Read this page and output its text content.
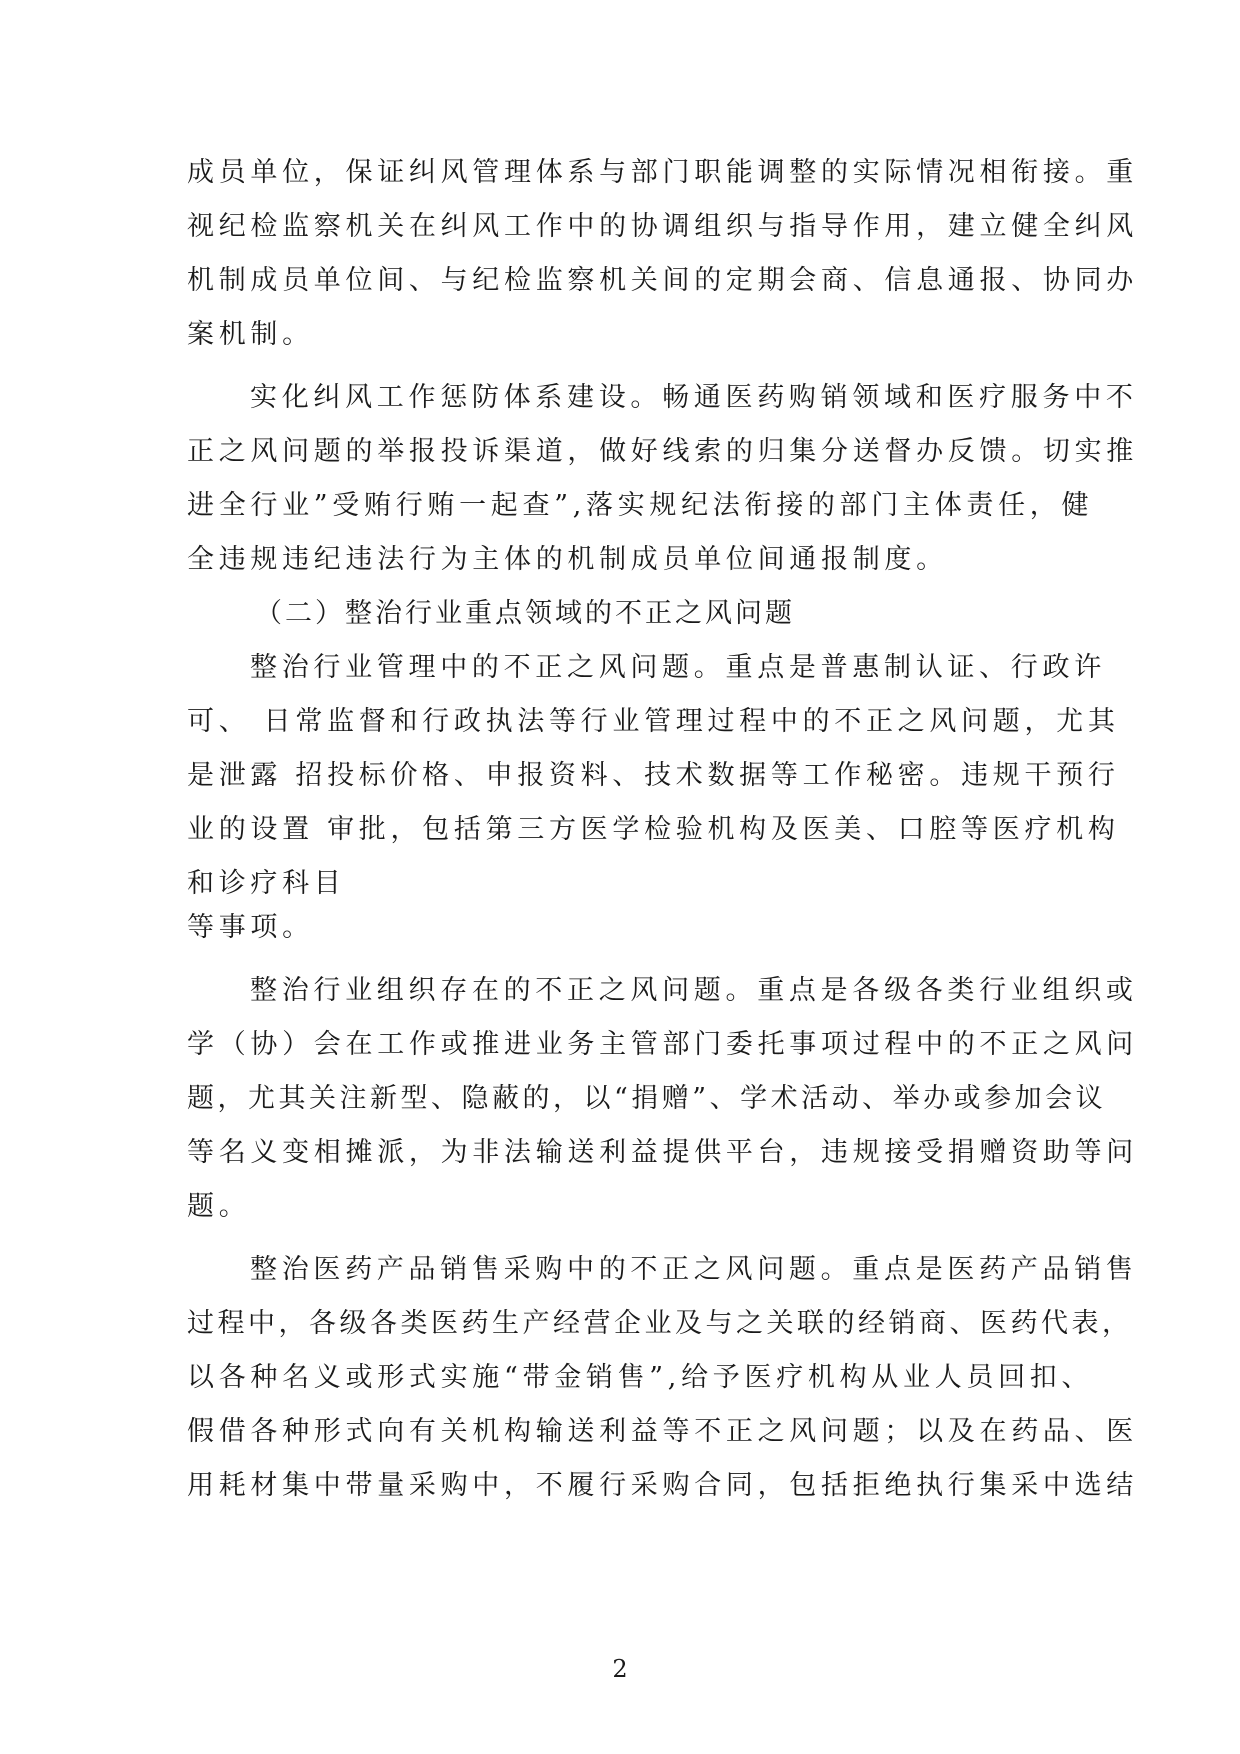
成员单位，保证纠风管理体系与部门职能调整的实际情况相衔接。重
视纪检监察机关在纠风工作中的协调组织与指导作用，建立健全纠风
机制成员单位间、与纪检监察机关间的定期会商、信息通报、协同办
案机制。
实化纠风工作惩防体系建设。畅通医药购销领域和医疗服务中不
正之风问题的举报投诉渠道，做好线索的归集分送督办反馈。切实推
进全行业”受贿行贿一起查”,落实规纪法衔接的部门主体责任，健
全违规违纪违法行为主体的机制成员单位间通报制度。
（二）整治行业重点领域的不正之风问题
整治行业管理中的不正之风问题。重点是普惠制认证、行政许
可、 日常监督和行政执法等行业管理过程中的不正之风问题，尤其
是泄露 招投标价格、申报资料、技术数据等工作秘密。违规干预行
业的设置 审批，包括第三方医学检验机构及医美、口腔等医疗机构
和诊疗科目
等事项。
整治行业组织存在的不正之风问题。重点是各级各类行业组织或
学（协）会在工作或推进业务主管部门委托事项过程中的不正之风问
题，尤其关注新型、隐蔽的，以“捐赠”、学术活动、举办或参加会议
等名义变相摊派，为非法输送利益提供平台，违规接受捐赠资助等问
题。
整治医药产品销售采购中的不正之风问题。重点是医药产品销售
过程中，各级各类医药生产经营企业及与之关联的经销商、医药代表，
以各种名义或形式实施“带金销售”,给予医疗机构从业人员回扣、
假借各种形式向有关机构输送利益等不正之风问题；以及在药品、医
用耗材集中带量采购中，不履行采购合同，包括拒绝执行集采中选结
2
